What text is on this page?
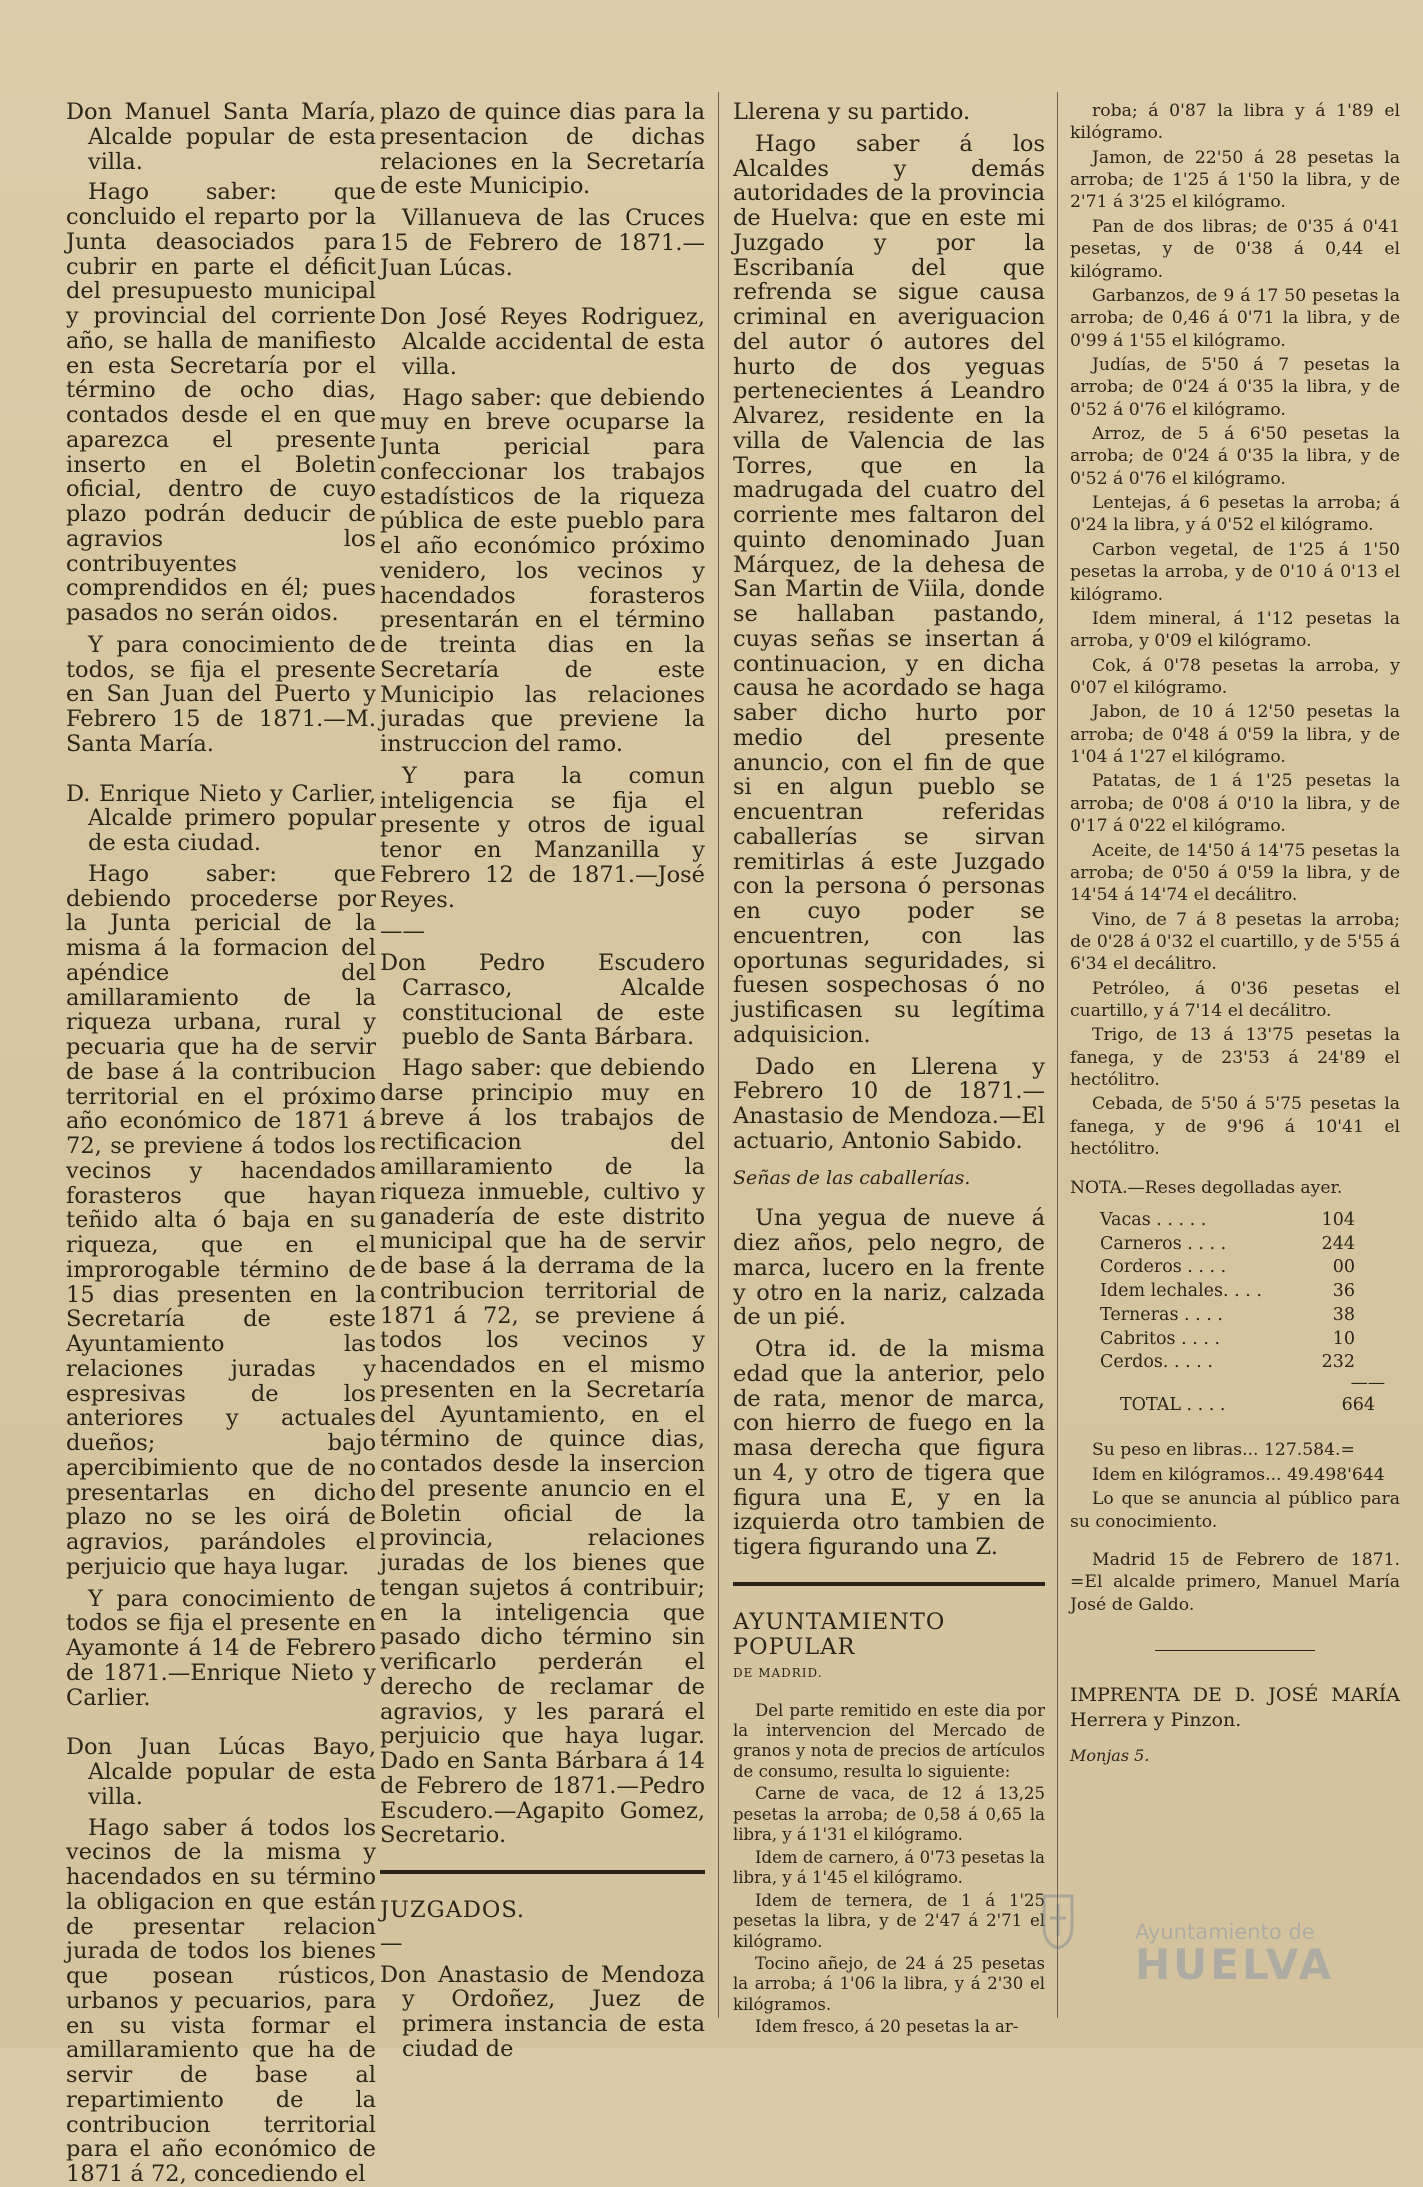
Don Manuel Santa María, Alcalde popular de esta villa.

Hago saber: que concluido el reparto por la Junta deasociados para cubrir en parte el déficit del presupuesto municipal y provincial del corriente año, se halla de manifiesto en esta Secretaría por el término de ocho dias, contados desde el en que aparezca el presente inserto en el Boletin oficial, dentro de cuyo plazo podrán deducir de agravios los contribuyentes comprendidos en él; pues pasados no serán oidos.

Y para conocimiento de todos, se fija el presente en San Juan del Puerto y Febrero 15 de 1871.—M. Santa María.

D. Enrique Nieto y Carlier, Alcalde primero popular de esta ciudad.

Hago saber: que debiendo procederse por la Junta pericial de la misma á la formacion del apéndice del amillaramiento de la riqueza urbana, rural y pecuaria que ha de servir de base á la contribucion territorial en el próximo año económico de 1871 á 72, se previene á todos los vecinos y hacendados forasteros que hayan teñido alta ó baja en su riqueza, que en el improrogable término de 15 dias presenten en la Secretaría de este Ayuntamiento las relaciones juradas y espresivas de los anteriores y actuales dueños; bajo apercibimiento que de no presentarlas en dicho plazo no se les oirá de agravios, parándoles el perjuicio que haya lugar.

Y para conocimiento de todos se fija el presente en Ayamonte á 14 de Febrero de 1871.—Enrique Nieto y Carlier.

Don Juan Lúcas Bayo, Alcalde popular de esta villa.

Hago saber á todos los vecinos de la misma y hacendados en su término la obligacion en que están de presentar relacion jurada de todos los bienes que posean rústicos, urbanos y pecuarios, para en su vista formar el amillaramiento que ha de servir de base al repartimiento de la contribucion territorial para el año económico de 1871 á 72, concediendo el

plazo de quince dias para la presentacion de dichas relaciones en la Secretaría de este Municipio.

Villanueva de las Cruces 15 de Febrero de 1871.—Juan Lúcas.

Don José Reyes Rodriguez, Alcalde accidental de esta villa.

Hago saber: que debiendo muy en breve ocuparse la Junta pericial para confeccionar los trabajos estadísticos de la riqueza pública de este pueblo para el año económico próximo venidero, los vecinos y hacendados forasteros presentarán en el término de treinta dias en la Secretaría de este Municipio las relaciones juradas que previene la instruccion del ramo.

Y para la comun inteligencia se fija el presente y otros de igual tenor en Manzanilla y Febrero 12 de 1871.—José Reyes.

——

Don Pedro Escudero Carrasco, Alcalde constitucional de este pueblo de Santa Bárbara.

Hago saber: que debiendo darse principio muy en breve á los trabajos de rectificacion del amillaramiento de la riqueza inmueble, cultivo y ganadería de este distrito municipal que ha de servir de base á la derrama de la contribucion territorial de 1871 á 72, se previene á todos los vecinos y hacendados en el mismo presenten en la Secretaría del Ayuntamiento, en el término de quince dias, contados desde la insercion del presente anuncio en el Boletin oficial de la provincia, relaciones juradas de los bienes que tengan sujetos á contribuir; en la inteligencia que pasado dicho término sin verificarlo perderán el derecho de reclamar de agravios, y les parará el perjuicio que haya lugar. Dado en Santa Bárbara á 14 de Febrero de 1871.—Pedro Escudero.—Agapito Gomez, Secretario.

JUZGADOS.

—

Don Anastasio de Mendoza y Ordoñez, Juez de primera instancia de esta ciudad de

Llerena y su partido.

Hago saber á los Alcaldes y demás autoridades de la provincia de Huelva: que en este mi Juzgado y por la Escribanía del que refrenda se sigue causa criminal en averiguacion del autor ó autores del hurto de dos yeguas pertenecientes á Leandro Alvarez, residente en la villa de Valencia de las Torres, que en la madrugada del cuatro del corriente mes faltaron del quinto denominado Juan Márquez, de la dehesa de San Martin de Viila, donde se hallaban pastando, cuyas señas se insertan á continuacion, y en dicha causa he acordado se haga saber dicho hurto por medio del presente anuncio, con el fin de que si en algun pueblo se encuentran referidas caballerías se sirvan remitirlas á este Juzgado con la persona ó personas en cuyo poder se encuentren, con las oportunas seguridades, si fuesen sospechosas ó no justificasen su legítima adquisicion.

Dado en Llerena y Febrero 10 de 1871.—Anastasio de Mendoza.—El actuario, Antonio Sabido.

Señas de las caballerías.

Una yegua de nueve á diez años, pelo negro, de marca, lucero en la frente y otro en la nariz, calzada de un pié.

Otra id. de la misma edad que la anterior, pelo de rata, menor de marca, con hierro de fuego en la masa derecha que figura un 4, y otro de tigera que figura una E, y en la izquierda otro tambien de tigera figurando una Z.

AYUNTAMIENTO POPULAR

DE MADRID.

Del parte remitido en este dia por la intervencion del Mercado de granos y nota de precios de artículos de consumo, resulta lo siguiente:

Carne de vaca, de 12 á 13,25 pesetas la arroba; de 0,58 á 0,65 la libra, y á 1'31 el kilógramo.

Idem de carnero, á 0'73 pesetas la libra, y á 1'45 el kilógramo.

Idem de ternera, de 1 á 1'25 pesetas la libra, y de 2'47 á 2'71 el kilógramo.

Tocino añejo, de 24 á 25 pesetas la arroba; á 1'06 la libra, y á 2'30 el kilógramos.

Idem fresco, á 20 pesetas la ar-

roba; á 0'87 la libra y á 1'89 el kilógramo.

Jamon, de 22'50 á 28 pesetas la arroba; de 1'25 á 1'50 la libra, y de 2'71 á 3'25 el kilógramo.

Pan de dos libras; de 0'35 á 0'41 pesetas, y de 0'38 á 0,44 el kilógramo.

Garbanzos, de 9 á 17 50 pesetas la arroba; de 0,46 á 0'71 la libra, y de 0'99 á 1'55 el kilógramo.

Judías, de 5'50 á 7 pesetas la arroba; de 0'24 á 0'35 la libra, y de 0'52 á 0'76 el kilógramo.

Arroz, de 5 á 6'50 pesetas la arroba; de 0'24 á 0'35 la libra, y de 0'52 á 0'76 el kilógramo.

Lentejas, á 6 pesetas la arroba; á 0'24 la libra, y á 0'52 el kilógramo.

Carbon vegetal, de 1'25 á 1'50 pesetas la arroba, y de 0'10 á 0'13 el kilógramo.

Idem mineral, á 1'12 pesetas la arroba, y 0'09 el kilógramo.

Cok, á 0'78 pesetas la arroba, y 0'07 el kilógramo.

Jabon, de 10 á 12'50 pesetas la arroba; de 0'48 á 0'59 la libra, y de 1'04 á 1'27 el kilógramo.

Patatas, de 1 á 1'25 pesetas la arroba; de 0'08 á 0'10 la libra, y de 0'17 á 0'22 el kilógramo.

Aceite, de 14'50 á 14'75 pesetas la arroba; de 0'50 á 0'59 la libra, y de 14'54 á 14'74 el decálitro.

Vino, de 7 á 8 pesetas la arroba; de 0'28 á 0'32 el cuartillo, y de 5'55 á 6'34 el decálitro.

Petróleo, á 0'36 pesetas el cuartillo, y á 7'14 el decálitro.

Trigo, de 13 á 13'75 pesetas la fanega, y de 23'53 á 24'89 el hectólitro.

Cebada, de 5'50 á 5'75 pesetas la fanega, y de 9'96 á 10'41 el hectólitro.

NOTA.—Reses degolladas ayer.

Vacas . . . . .	104
Carneros . . . .	244
Corderos . . . .	00
Idem lechales. . . .	36
Terneras . . . .	38
Cabritos . . . .	10
Cerdos. . . . .	232
——
TOTAL . . . .	664

Su peso en libras... 127.584.=

Idem en kilógramos... 49.498'644

Lo que se anuncia al público para su conocimiento.

Madrid 15 de Febrero de 1871. =El alcalde primero, Manuel María José de Galdo.

IMPRENTA DE D. JOSÉ MARÍA Herrera y Pinzon.

Monjas 5.

Ayuntamiento de
HUELVA
